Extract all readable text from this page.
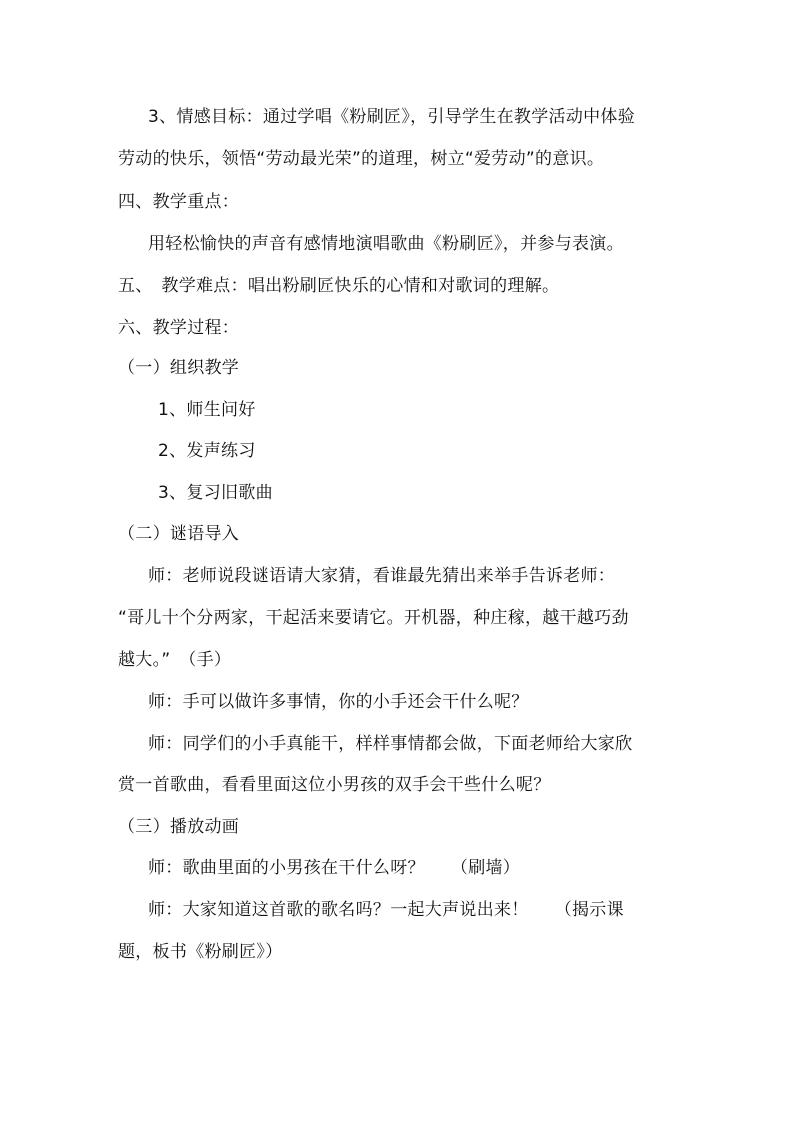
3、情感目标：通过学唱《粉刷匠》，引导学生在教学活动中体验
劳动的快乐，领悟“劳动最光荣”的道理，树立“爱劳动”的意识。
四、教学重点：
用轻松愉快的声音有感情地演唱歌曲《粉刷匠》，并参与表演。
五、　教学难点：唱出粉刷匠快乐的心情和对歌词的理解。
六、教学过程：
（一）组织教学
1、师生问好
2、发声练习
3、复习旧歌曲
（二）谜语导入
师：老师说段谜语请大家猜，看谁最先猜出来举手告诉老师：
“哥儿十个分两家，干起活来要请它。开机器，种庄稼，越干越巧劲
越大。”　（手）
师：手可以做许多事情，你的小手还会干什么呢？
师：同学们的小手真能干，样样事情都会做，下面老师给大家欣
赏一首歌曲，看看里面这位小男孩的双手会干些什么呢？
（三）播放动画
师：歌曲里面的小男孩在干什么呀？　　（刷墙）
师：大家知道这首歌的歌名吗？一起大声说出来！　　（揭示课
题，板书《粉刷匠》）
